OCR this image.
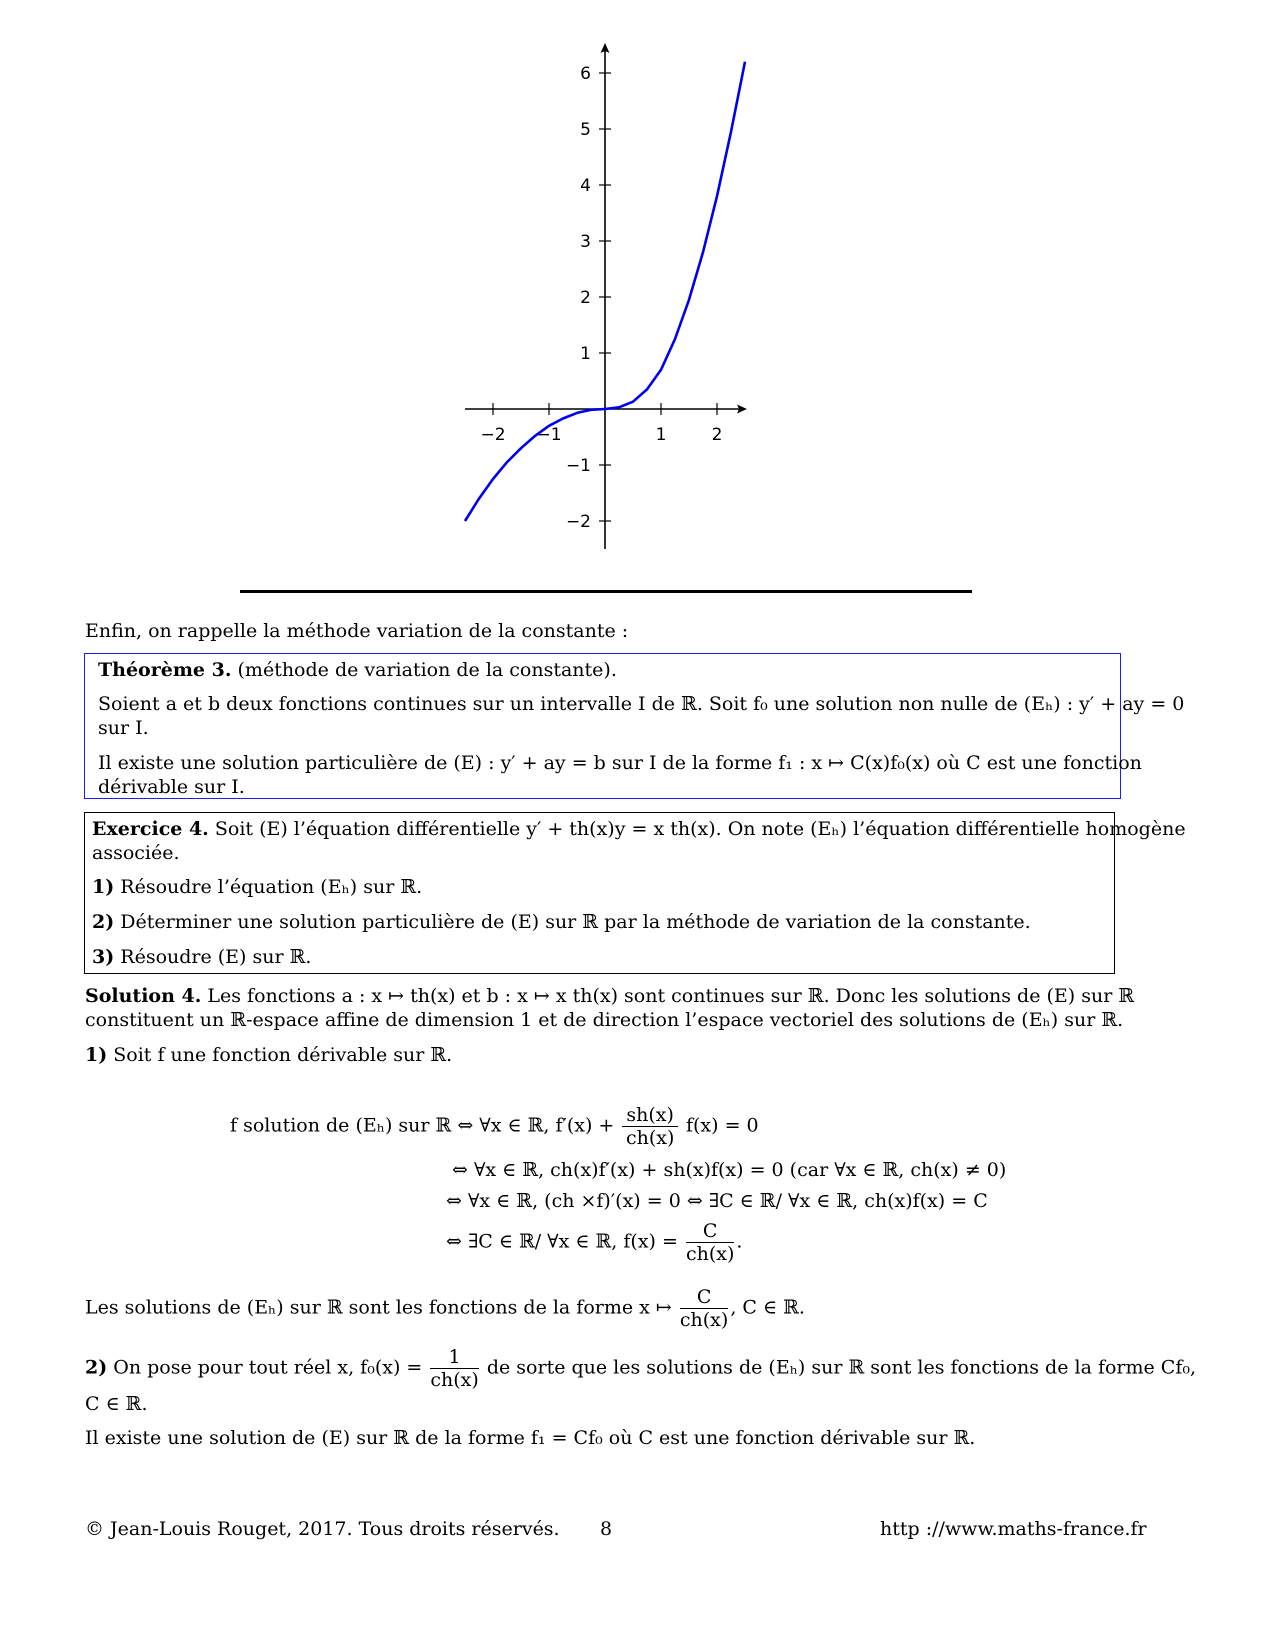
−2 −1	1	2
−2
−1
1
2
3
4
5
6
Enfin, on rappelle la méthode variation de la constante :
Théorème 3. (méthode de variation de la constante).
Soient a et b deux fonctions continues sur un intervalle I de ℝ. Soit f₀ une solution non nulle de (Eₕ) : y′ + ay = 0
sur I.
Il existe une solution particulière de (E) : y′ + ay = b sur I de la forme f₁ : x ↦ C(x)f₀(x) où C est une fonction
dérivable sur I.
Exercice 4. Soit (E) l’équation différentielle y′ + th(x)y = x th(x). On note (Eₕ) l’équation différentielle homogène
associée.
1) Résoudre l’équation (Eₕ) sur ℝ.
2) Déterminer une solution particulière de (E) sur ℝ par la méthode de variation de la constante.
3) Résoudre (E) sur ℝ.
Solution 4. Les fonctions a : x ↦ th(x) et b : x ↦ x th(x) sont continues sur ℝ. Donc les solutions de (E) sur ℝ
constituent un ℝ-espace affine de dimension 1 et de direction l’espace vectoriel des solutions de (Eₕ) sur ℝ.
1) Soit f une fonction dérivable sur ℝ.
f solution de (Eₕ) sur ℝ ⇔ ∀x ∈ ℝ, $f'(x) + \frac{sh(x)}{ch(x)} f(x) = 0$
⇔ ∀x ∈ ℝ, ch(x)f′(x) + sh(x)f(x) = 0 (car ∀x ∈ ℝ, ch(x) ≠ 0)
⇔ ∀x ∈ ℝ, (ch ×f)′(x) = 0 ⇔ ∃C ∈ ℝ/ ∀x ∈ ℝ, ch(x)f(x) = C
⇔ ∃C ∈ ℝ/ ∀x ∈ ℝ, $f(x) = \frac{C}{ch(x)}$ .
Les solutions de (Eₕ) sur ℝ sont les fonctions de la forme x ↦ $\frac{C}{ch(x)}$ , C ∈ ℝ.
2) On pose pour tout réel x, $f_0(x) = \frac{1}{ch(x)}$ de sorte que les solutions de (Eₕ) sur ℝ sont les fonctions de la forme Cf₀,
C ∈ ℝ.
Il existe une solution de (E) sur ℝ de la forme f₁ = Cf₀ où C est une fonction dérivable sur ℝ.
© Jean-Louis Rouget, 2017. Tous droits réservés. 8	http ://www.maths-france.fr
